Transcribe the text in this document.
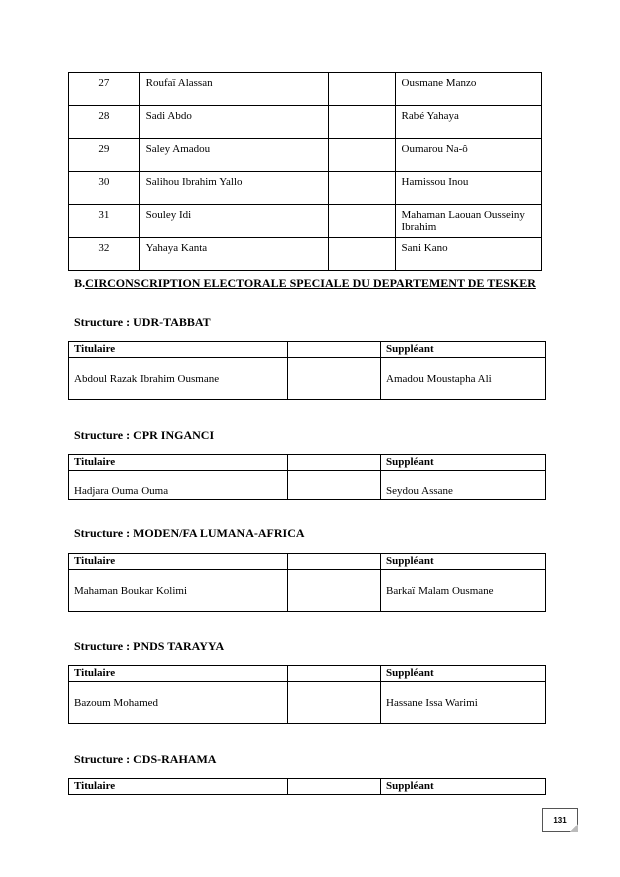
27	Roufaï Alassan		Ousmane Manzo
28	Sadi Abdo		Rabé Yahaya
29	Saley Amadou		Oumarou Na-ô
30	Salihou Ibrahim Yallo		Hamissou Inou
31	Souley Idi		Mahaman Laouan Ousseiny Ibrahim
32	Yahaya Kanta		Sani Kano
B.CIRCONSCRIPTION ELECTORALE SPECIALE DU DEPARTEMENT DE TESKER
Structure : UDR-TABBAT
Titulaire		Suppléant
Abdoul Razak Ibrahim Ousmane		Amadou Moustapha Ali
Structure : CPR INGANCI
Titulaire		Suppléant
Hadjara Ouma Ouma		Seydou Assane
Structure : MODEN/FA LUMANA-AFRICA
Titulaire		Suppléant
Mahaman Boukar Kolimi		Barkaï Malam Ousmane
Structure : PNDS TARAYYA
Titulaire		Suppléant
Bazoum Mohamed		Hassane Issa Warimi
Structure : CDS-RAHAMA
Titulaire		Suppléant
131
